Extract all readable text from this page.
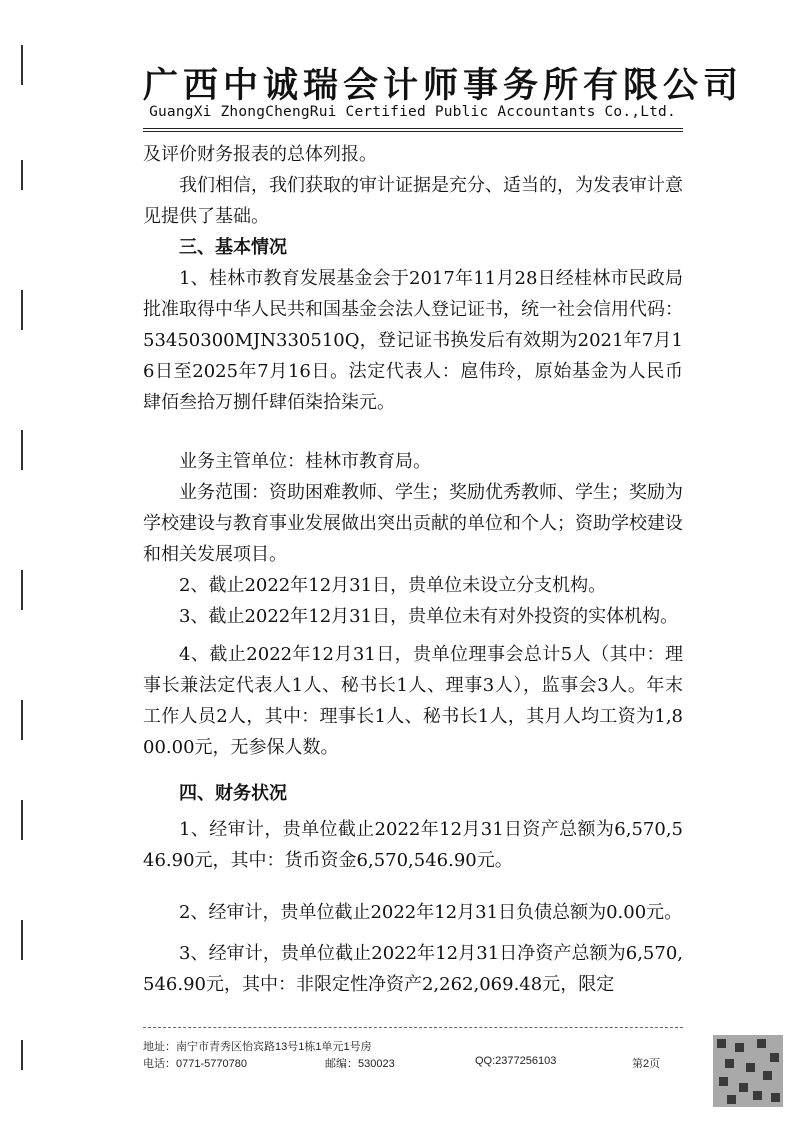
广西中诚瑞会计师事务所有限公司
GuangXi ZhongChengRui Certified Public Accountants Co.,Ltd.

及评价财务报表的总体列报。

我们相信，我们获取的审计证据是充分、适当的，为发表审计意见提供了基础。

三、基本情况

1、桂林市教育发展基金会于2017年11月28日经桂林市民政局批准取得中华人民共和国基金会法人登记证书，统一社会信用代码：53450300MJN330510Q，登记证书换发后有效期为2021年7月16日至2025年7月16日。法定代表人：扈伟玲，原始基金为人民币肆佰叁拾万捌仟肆佰柒拾柒元。

业务主管单位：桂林市教育局。

业务范围：资助困难教师、学生；奖励优秀教师、学生；奖励为学校建设与教育事业发展做出突出贡献的单位和个人；资助学校建设和相关发展项目。

2、截止2022年12月31日，贵单位未设立分支机构。

3、截止2022年12月31日，贵单位未有对外投资的实体机构。

4、截止2022年12月31日，贵单位理事会总计5人（其中：理事长兼法定代表人1人、秘书长1人、理事3人），监事会3人。年末工作人员2人，其中：理事长1人、秘书长1人，其月人均工资为1,800.00元，无参保人数。

四、财务状况

1、经审计，贵单位截止2022年12月31日资产总额为6,570,546.90元，其中：货币资金6,570,546.90元。

2、经审计，贵单位截止2022年12月31日负债总额为0.00元。

3、经审计，贵单位截止2022年12月31日净资产总额为6,570,546.90元，其中：非限定性净资产2,262,069.48元，限定

地址：南宁市青秀区怡宾路13号1栋1单元1号房
电话：0771-5770780	邮编：530023	QQ:2377256103	第2页
